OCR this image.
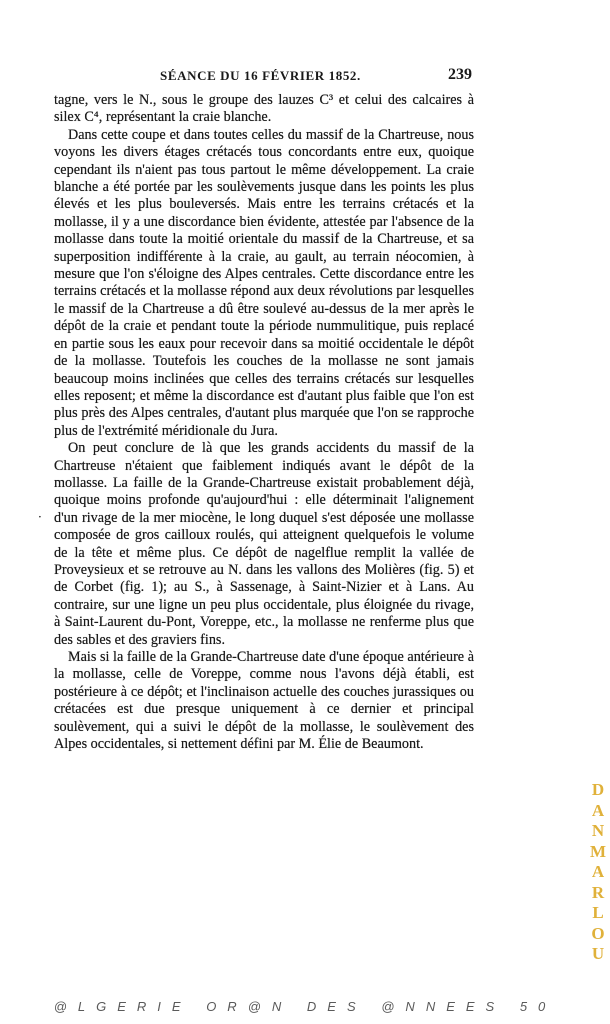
SÉANCE DU 16 FÉVRIER 1852.	239

tagne, vers le N., sous le groupe des lauzes C³ et celui des calcaires à silex C⁴, représentant la craie blanche.

Dans cette coupe et dans toutes celles du massif de la Chartreuse, nous voyons les divers étages crétacés tous concordants entre eux, quoique cependant ils n'aient pas tous partout le même développement. La craie blanche a été portée par les soulèvements jusque dans les points les plus élevés et les plus bouleversés. Mais entre les terrains crétacés et la mollasse, il y a une discordance bien évidente, attestée par l'absence de la mollasse dans toute la moitié orientale du massif de la Chartreuse, et sa superposition indifférente à la craie, au gault, au terrain néocomien, à mesure que l'on s'éloigne des Alpes centrales. Cette discordance entre les terrains crétacés et la mollasse répond aux deux révolutions par lesquelles le massif de la Chartreuse a dû être soulevé au-dessus de la mer après le dépôt de la craie et pendant toute la période nummulitique, puis replacé en partie sous les eaux pour recevoir dans sa moitié occidentale le dépôt de la mollasse. Toutefois les couches de la mollasse ne sont jamais beaucoup moins inclinées que celles des terrains crétacés sur lesquelles elles reposent; et même la discordance est d'autant plus faible que l'on est plus près des Alpes centrales, d'autant plus marquée que l'on se rapproche plus de l'extrémité méridionale du Jura.

On peut conclure de là que les grands accidents du massif de la Chartreuse n'étaient que faiblement indiqués avant le dépôt de la mollasse. La faille de la Grande-Chartreuse existait probablement déjà, quoique moins profonde qu'aujourd'hui : elle déterminait l'alignement d'un rivage de la mer miocène, le long duquel s'est déposée une mollasse composée de gros cailloux roulés, qui atteignent quelquefois le volume de la tête et même plus. Ce dépôt de nagelflue remplit la vallée de Proveysieux et se retrouve au N. dans les vallons des Molières (fig. 5) et de Corbet (fig. 1); au S., à Sassenage, à Saint-Nizier et à Lans. Au contraire, sur une ligne un peu plus occidentale, plus éloignée du rivage, à Saint-Laurent du-Pont, Voreppe, etc., la mollasse ne renferme plus que des sables et des graviers fins.

Mais si la faille de la Grande-Chartreuse date d'une époque antérieure à la mollasse, celle de Voreppe, comme nous l'avons déjà établi, est postérieure à ce dépôt; et l'inclinaison actuelle des couches jurassiques ou crétacées est due presque uniquement à ce dernier et principal soulèvement, qui a suivi le dépôt de la mollasse, le soulèvement des Alpes occidentales, si nettement défini par M. Élie de Beaumont.

·
D
A
N
M
A
R
L
O
U
@LGERIE OR@N DES @NNEES 50
